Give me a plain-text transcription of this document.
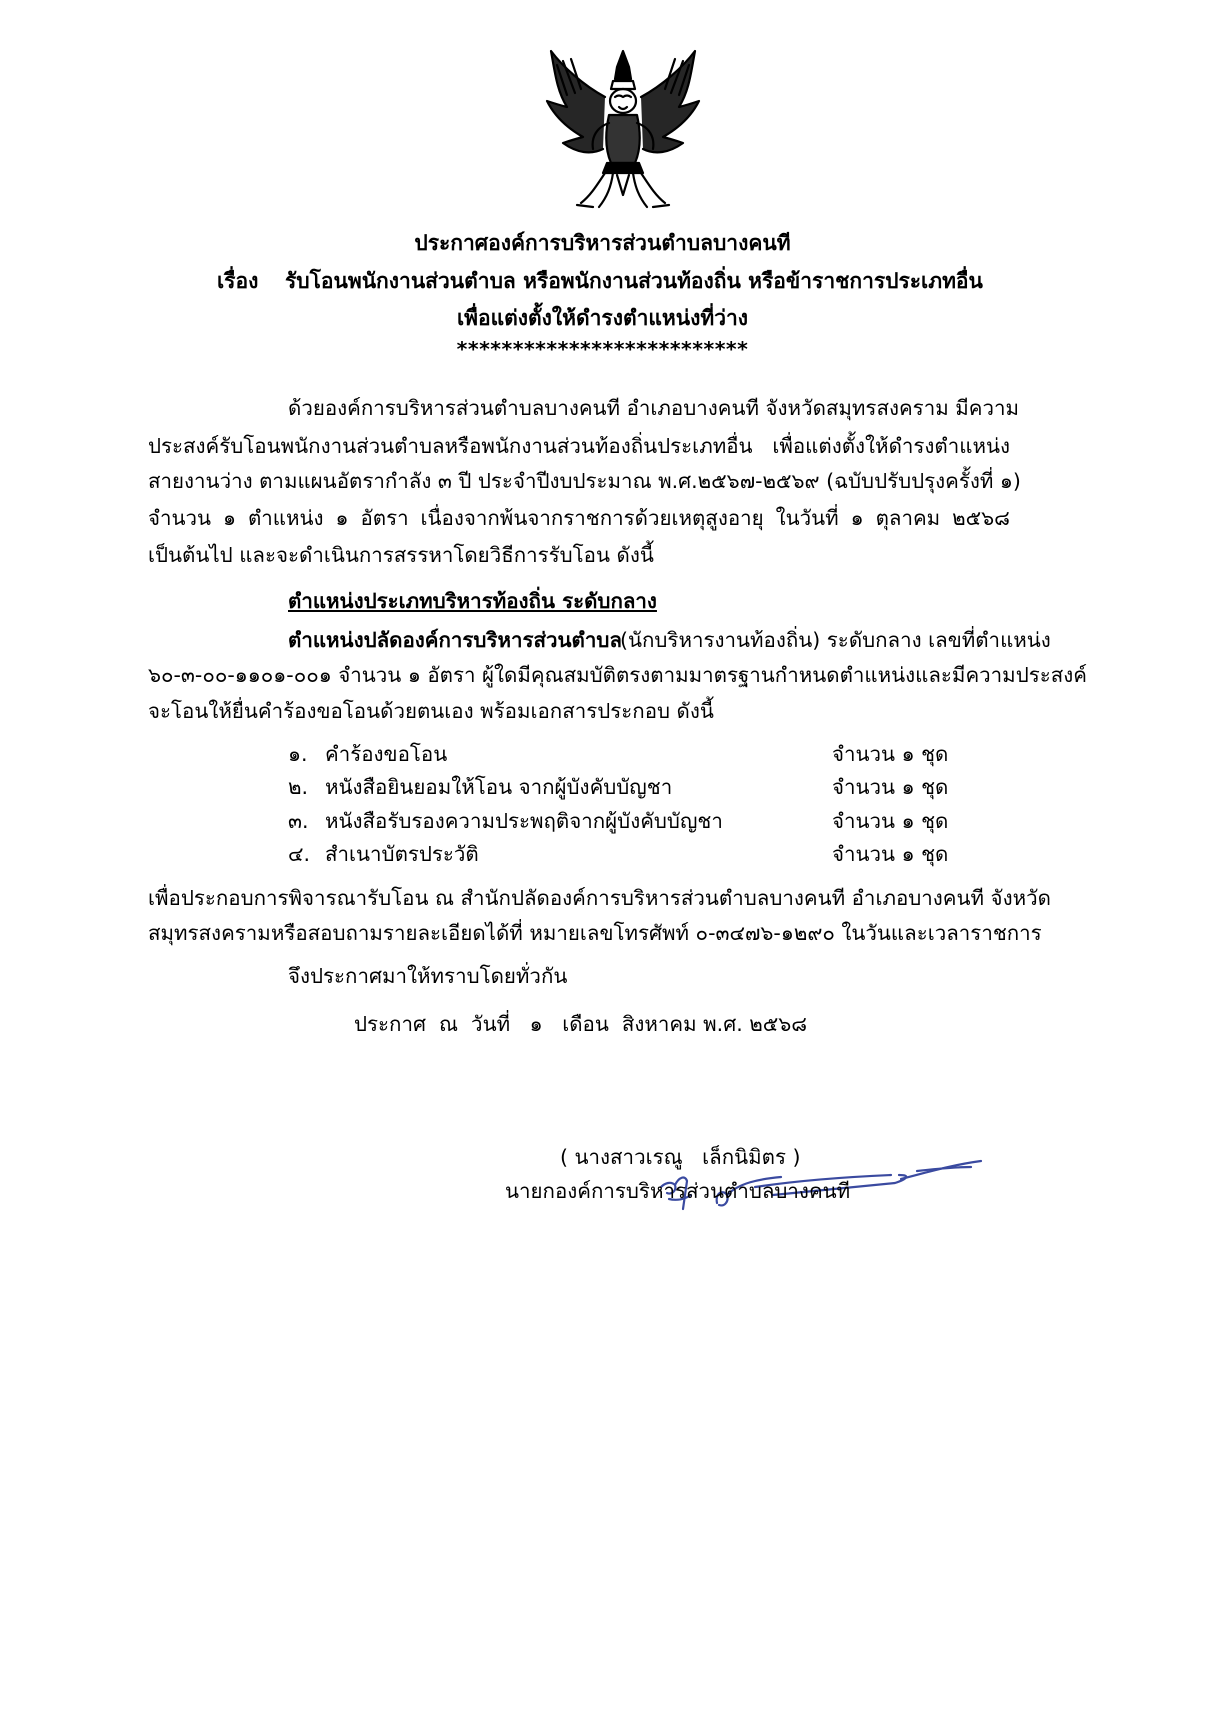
ประกาศองค์การบริหารส่วนตำบลบางคนที
เรื่อง รับโอนพนักงานส่วนตำบล หรือพนักงานส่วนท้องถิ่น หรือข้าราชการประเภทอื่น
เพื่อแต่งตั้งให้ดำรงตำแหน่งที่ว่าง
**************************
ด้วยองค์การบริหารส่วนตำบลบางคนที อำเภอบางคนที จังหวัดสมุทรสงคราม มีความ
ประสงค์รับโอนพนักงานส่วนตำบลหรือพนักงานส่วนท้องถิ่นประเภทอื่น เพื่อแต่งตั้งให้ดำรงตำแหน่ง
สายงานว่าง ตามแผนอัตรากำลัง ๓ ปี ประจำปีงบประมาณ พ.ศ.๒๕๖๗-๒๕๖๙ (ฉบับปรับปรุงครั้งที่ ๑)
จำนวน ๑ ตำแหน่ง ๑ อัตรา เนื่องจากพ้นจากราชการด้วยเหตุสูงอายุ ในวันที่ ๑ ตุลาคม ๒๕๖๘
เป็นต้นไป และจะดำเนินการสรรหาโดยวิธีการรับโอน ดังนี้
ตำแหน่งประเภทบริหารท้องถิ่น ระดับกลาง
ตำแหน่งปลัดองค์การบริหารส่วนตำบล
(นักบริหารงานท้องถิ่น) ระดับกลาง เลขที่ตำแหน่ง
๖๐-๓-๐๐-๑๑๐๑-๐๐๑ จำนวน ๑ อัตรา ผู้ใดมีคุณสมบัติตรงตามมาตรฐานกำหนดตำแหน่งและมีความประสงค์
จะโอนให้ยื่นคำร้องขอโอนด้วยตนเอง พร้อมเอกสารประกอบ ดังนี้
๑. คำร้องขอโอน	จำนวน ๑ ชุด
๒. หนังสือยินยอมให้โอน จากผู้บังคับบัญชา	จำนวน ๑ ชุด
๓. หนังสือรับรองความประพฤติจากผู้บังคับบัญชา	จำนวน ๑ ชุด
๔. สำเนาบัตรประวัติ	จำนวน ๑ ชุด
เพื่อประกอบการพิจารณารับโอน ณ สำนักปลัดองค์การบริหารส่วนตำบลบางคนที อำเภอบางคนที จังหวัด
สมุทรสงครามหรือสอบถามรายละเอียดได้ที่ หมายเลขโทรศัพท์ ๐-๓๔๗๖-๑๒๙๐ ในวันและเวลาราชการ
จึงประกาศมาให้ทราบโดยทั่วกัน
ประกาศ  ณ  วันที่   ๑   เดือน  สิงหาคม พ.ศ. ๒๕๖๘
( นางสาวเรณู   เล็กนิมิตร )
นายกองค์การบริหารส่วนตำบลบางคนที
